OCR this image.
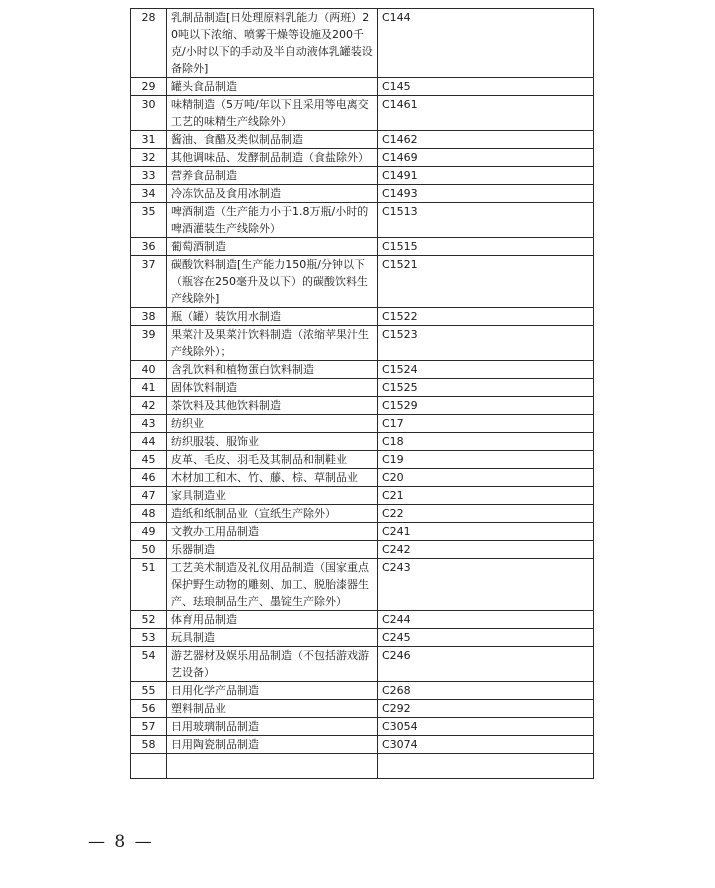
28	乳制品制造[日处理原料乳能力（两班）20吨以下浓缩、喷雾干燥等设施及200千克/小时以下的手动及半自动液体乳罐装设备除外]	C144
29	罐头食品制造	C145
30	味精制造（5万吨/年以下且采用等电离交工艺的味精生产线除外）	C1461
31	酱油、食醋及类似制品制造	C1462
32	其他调味品、发酵制品制造（食盐除外）	C1469
33	营养食品制造	C1491
34	冷冻饮品及食用冰制造	C1493
35	啤酒制造（生产能力小于1.8万瓶/小时的啤酒灌装生产线除外）	C1513
36	葡萄酒制造	C1515
37	碳酸饮料制造[生产能力150瓶/分钟以下（瓶容在250毫升及以下）的碳酸饮料生产线除外]	C1521
38	瓶（罐）装饮用水制造	C1522
39	果菜汁及果菜汁饮料制造（浓缩苹果汁生产线除外）；	C1523
40	含乳饮料和植物蛋白饮料制造	C1524
41	固体饮料制造	C1525
42	茶饮料及其他饮料制造	C1529
43	纺织业	C17
44	纺织服装、服饰业	C18
45	皮革、毛皮、羽毛及其制品和制鞋业	C19
46	木材加工和木、竹、藤、棕、草制品业	C20
47	家具制造业	C21
48	造纸和纸制品业（宣纸生产除外）	C22
49	文教办工用品制造	C241
50	乐器制造	C242
51	工艺美术制造及礼仪用品制造（国家重点保护野生动物的雕刻、加工、脱胎漆器生产、珐琅制品生产、墨锭生产除外）	C243
52	体育用品制造	C244
53	玩具制造	C245
54	游艺器材及娱乐用品制造（不包括游戏游艺设备）	C246
55	日用化学产品制造	C268
56	塑料制品业	C292
57	日用玻璃制品制造	C3054
58	日用陶瓷制品制造	C3074

— 8 —
